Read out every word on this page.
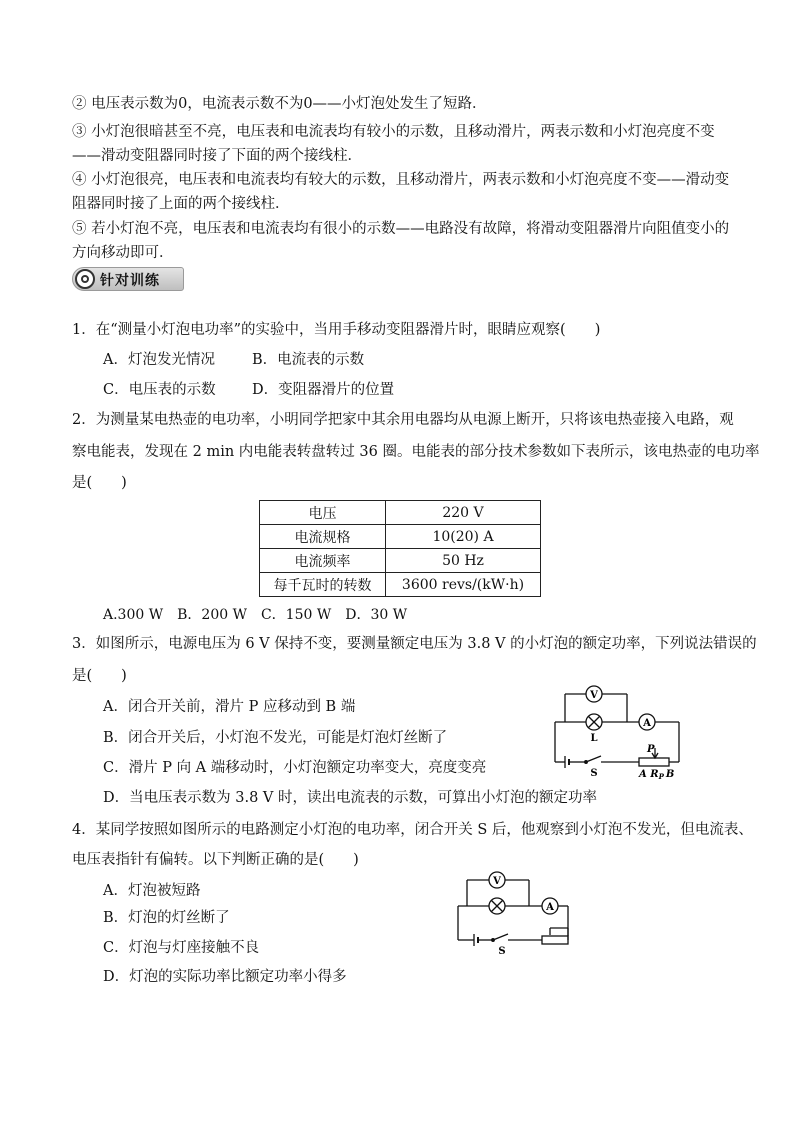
② 电压表示数为0，电流表示数不为0——小灯泡处发生了短路．
③ 小灯泡很暗甚至不亮，电压表和电流表均有较小的示数，且移动滑片，两表示数和小灯泡亮度不变
——滑动变阻器同时接了下面的两个接线柱．
④ 小灯泡很亮，电压表和电流表均有较大的示数，且移动滑片，两表示数和小灯泡亮度不变——滑动变
阻器同时接了上面的两个接线柱．
⑤ 若小灯泡不亮，电压表和电流表均有很小的示数——电路没有故障，将滑动变阻器滑片向阻值变小的
方向移动即可．
针对训练
1．在“测量小灯泡电功率”的实验中，当用手移动变阻器滑片时，眼睛应观察(　　)
A．灯泡发光情况	B．电流表的示数
C．电压表的示数	D．变阻器滑片的位置
2．为测量某电热壶的电功率，小明同学把家中其余用电器均从电源上断开，只将该电热壶接入电路，观
察电能表，发现在 2 min 内电能表转盘转过 36 圈。电能表的部分技术参数如下表所示，该电热壶的电功率
是(　　)
电压	220 V
电流规格	10(20) A
电流频率	50 Hz
每千瓦时的转数	3600 revs/(kW·h)
A.300 W　B．200 W　C．150 W　D．30 W
3．如图所示，电源电压为 6 V 保持不变，要测量额定电压为 3.8 V 的小灯泡的额定功率，下列说法错误的
是(　　)
A．闭合开关前，滑片 P 应移动到 B 端
B．闭合开关后，小灯泡不发光，可能是灯泡灯丝断了
C．滑片 P 向 A 端移动时，小灯泡额定功率变大，亮度变亮
D．当电压表示数为 3.8 V 时，读出电流表的示数，可算出小灯泡的额定功率
V
A
L
S
P
A $R_P$ B
4．某同学按照如图所示的电路测定小灯泡的电功率，闭合开关 S 后，他观察到小灯泡不发光，但电流表、
电压表指针有偏转。以下判断正确的是(　　)
A．灯泡被短路
B．灯泡的灯丝断了
C．灯泡与灯座接触不良
D．灯泡的实际功率比额定功率小得多
V
A
S
